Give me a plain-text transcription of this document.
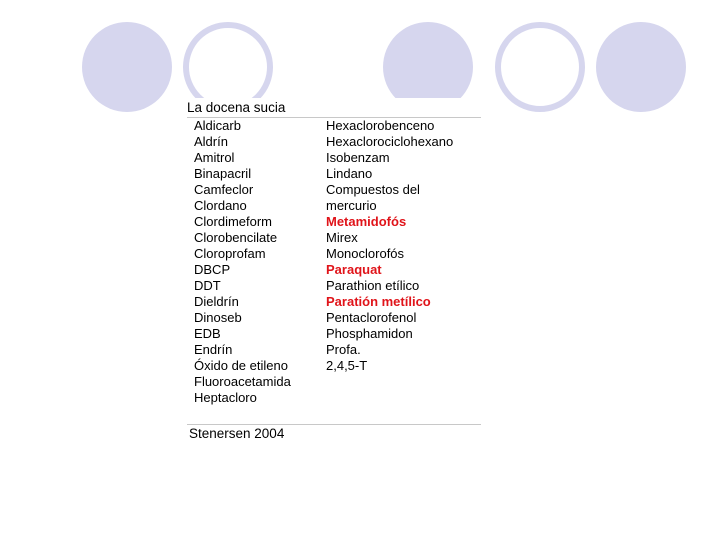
La docena sucia
Aldicarb
Aldrín
Amitrol
Binapacril
Camfeclor
Clordano
Clordimeform
Clorobencilate
Cloroprofam
DBCP
DDT
Dieldrín
Dinoseb
EDB
Endrín
Óxido de etileno
Fluoroacetamida
Heptacloro
Hexaclorobenceno
Hexaclorociclohexano
Isobenzam
Lindano
Compuestos del
mercurio
Metamidofós
Mirex
Monoclorofós
Paraquat
Parathion etílico
Paratión metílico
Pentaclorofenol
Phosphamidon
Profa.
2,4,5-T
Stenersen 2004
